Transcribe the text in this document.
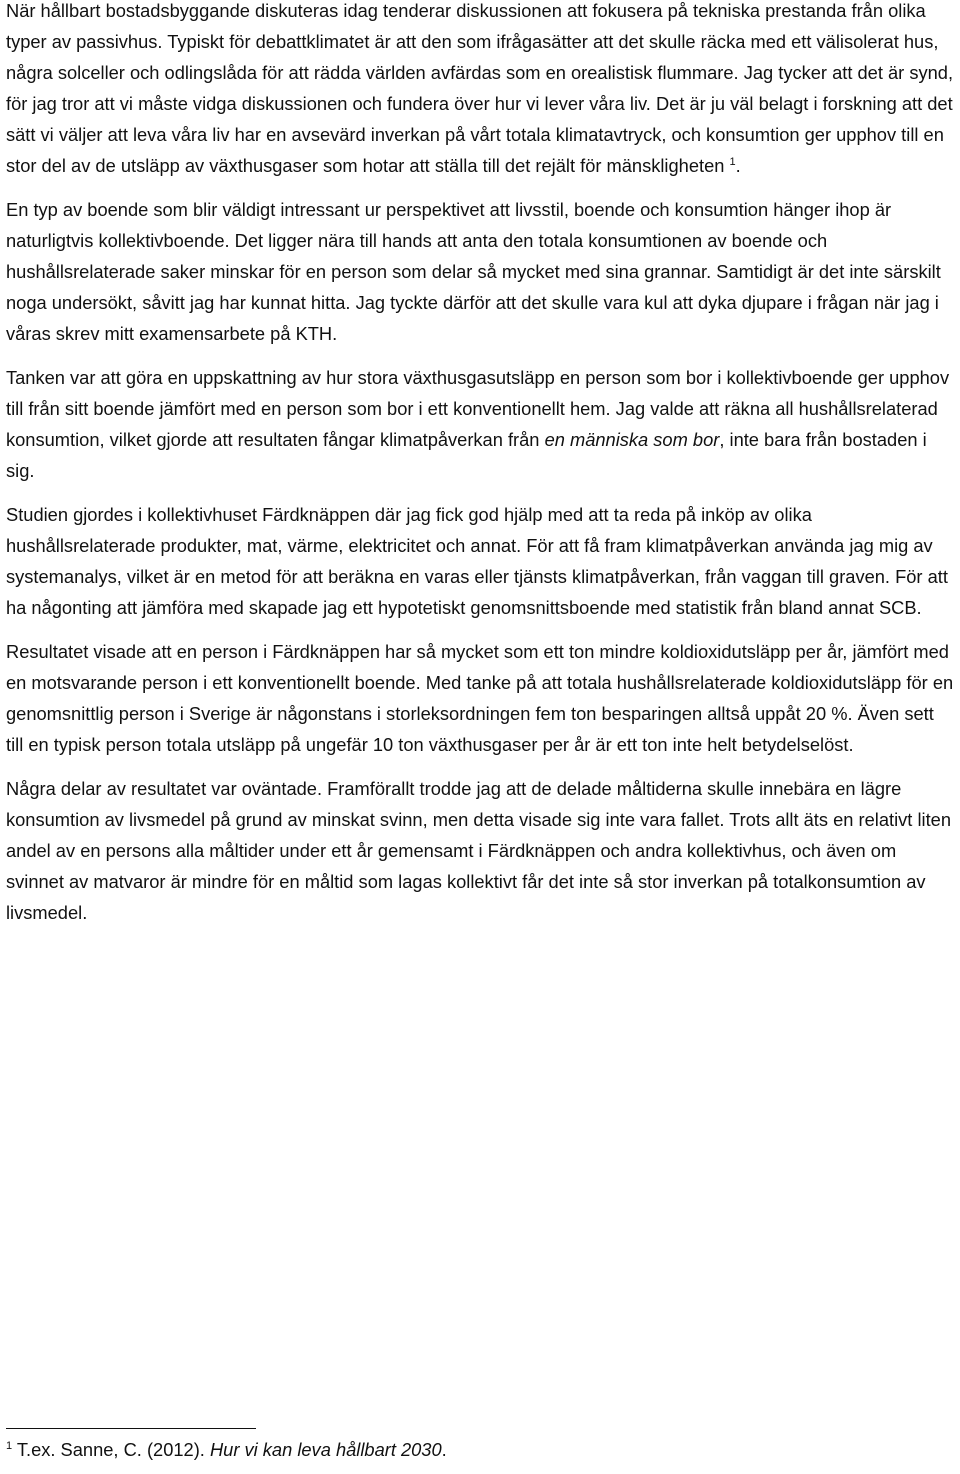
När hållbart bostadsbyggande diskuteras idag tenderar diskussionen att fokusera på tekniska prestanda från olika typer av passivhus. Typiskt för debattklimatet är att den som ifrågasätter att det skulle räcka med ett välisolerat hus, några solceller och odlingslåda för att rädda världen avfärdas som en orealistisk flummare. Jag tycker att det är synd, för jag tror att vi måste vidga diskussionen och fundera över hur vi lever våra liv. Det är ju väl belagt i forskning att det sätt vi väljer att leva våra liv har en avsevärd inverkan på vårt totala klimatavtryck, och konsumtion ger upphov till en stor del av de utsläpp av växthusgaser som hotar att ställa till det rejält för mänskligheten $^1$.

En typ av boende som blir väldigt intressant ur perspektivet att livsstil, boende och konsumtion hänger ihop är naturligtvis kollektivboende. Det ligger nära till hands att anta den totala konsumtionen av boende och hushållsrelaterade saker minskar för en person som delar så mycket med sina grannar. Samtidigt är det inte särskilt noga undersökt, såvitt jag har kunnat hitta. Jag tyckte därför att det skulle vara kul att dyka djupare i frågan när jag i våras skrev mitt examensarbete på KTH.

Tanken var att göra en uppskattning av hur stora växthusgasutsläpp en person som bor i kollektivboende ger upphov till från sitt boende jämfört med en person som bor i ett konventionellt hem. Jag valde att räkna all hushållsrelaterad konsumtion, vilket gjorde att resultaten fångar klimatpåverkan från en människa som bor, inte bara från bostaden i sig.

Studien gjordes i kollektivhuset Färdknäppen där jag fick god hjälp med att ta reda på inköp av olika hushållsrelaterade produkter, mat, värme, elektricitet och annat. För att få fram klimatpåverkan använda jag mig av systemanalys, vilket är en metod för att beräkna en varas eller tjänsts klimatpåverkan, från vaggan till graven. För att ha någonting att jämföra med skapade jag ett hypotetiskt genomsnittsboende med statistik från bland annat SCB.

Resultatet visade att en person i Färdknäppen har så mycket som ett ton mindre koldioxidutsläpp per år, jämfört med en motsvarande person i ett konventionellt boende. Med tanke på att totala hushållsrelaterade koldioxidutsläpp för en genomsnittlig person i Sverige är någonstans i storleksordningen fem ton besparingen alltså uppåt 20 %. Även sett till en typisk person totala utsläpp på ungefär 10 ton växthusgaser per år är ett ton inte helt betydelselöst.

Några delar av resultatet var oväntade. Framförallt trodde jag att de delade måltiderna skulle innebära en lägre konsumtion av livsmedel på grund av minskat svinn, men detta visade sig inte vara fallet. Trots allt äts en relativt liten andel av en persons alla måltider under ett år gemensamt i Färdknäppen och andra kollektivhus, och även om svinnet av matvaror är mindre för en måltid som lagas kollektivt får det inte så stor inverkan på totalkonsumtion av livsmedel.

$^1$ T.ex. Sanne, C. (2012). Hur vi kan leva hållbart 2030.
